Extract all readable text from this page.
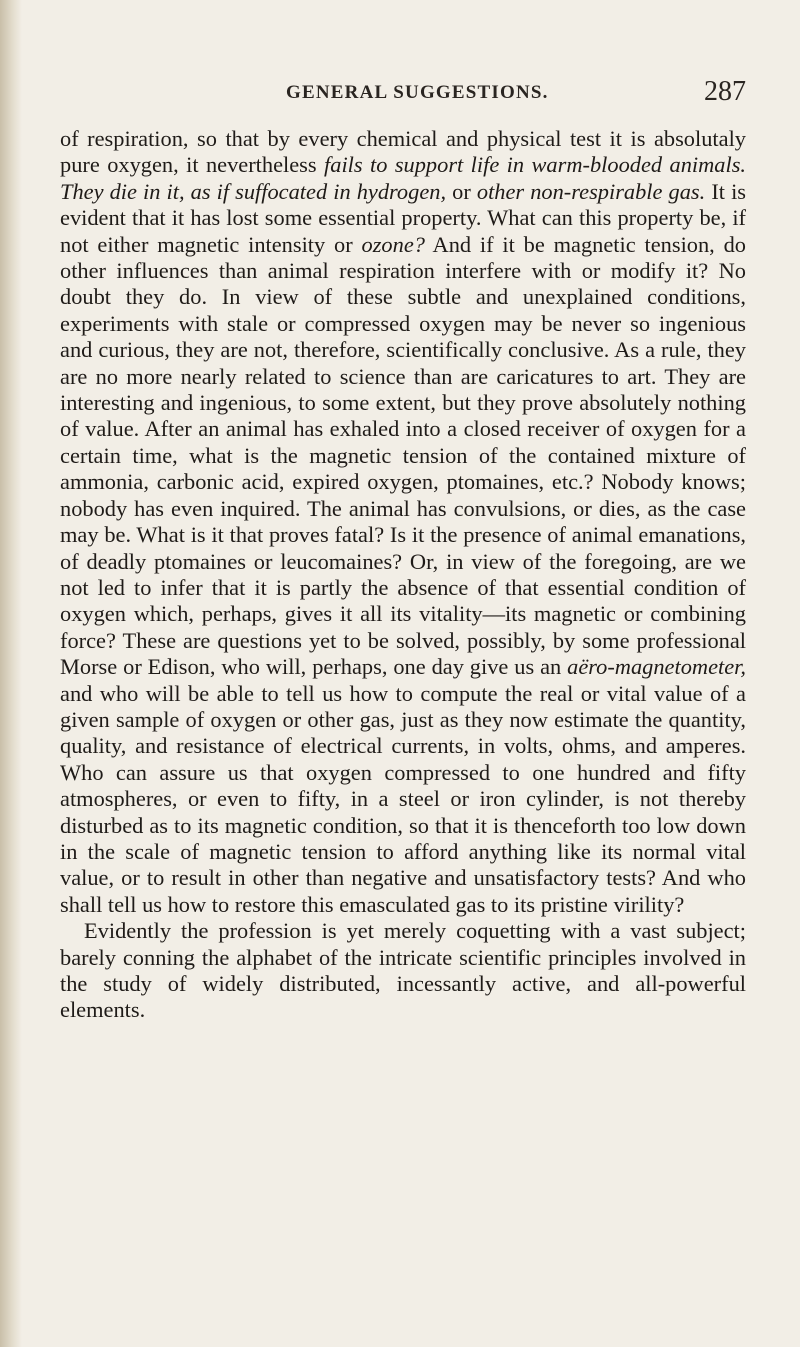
GENERAL SUGGESTIONS.	287

of respiration, so that by every chemical and physical test it is absolutaly pure oxygen, it nevertheless fails to support life in warm-blooded animals. They die in it, as if suffocated in hydrogen, or other non-respirable gas. It is evident that it has lost some essential property. What can this property be, if not either magnetic intensity or ozone? And if it be magnetic tension, do other influences than animal respiration interfere with or modify it? No doubt they do. In view of these subtle and unexplained conditions, experiments with stale or compressed oxygen may be never so ingenious and curious, they are not, therefore, scientifically conclusive. As a rule, they are no more nearly related to science than are caricatures to art. They are interesting and ingenious, to some extent, but they prove absolutely nothing of value. After an animal has exhaled into a closed receiver of oxygen for a certain time, what is the magnetic tension of the contained mixture of ammonia, carbonic acid, expired oxygen, ptomaines, etc.? Nobody knows; nobody has even inquired. The animal has convulsions, or dies, as the case may be. What is it that proves fatal? Is it the presence of animal emanations, of deadly ptomaines or leucomaines? Or, in view of the foregoing, are we not led to infer that it is partly the absence of that essential condition of oxygen which, perhaps, gives it all its vitality—its magnetic or combining force? These are questions yet to be solved, possibly, by some professional Morse or Edison, who will, perhaps, one day give us an aëro-magnetometer, and who will be able to tell us how to compute the real or vital value of a given sample of oxygen or other gas, just as they now estimate the quantity, quality, and resistance of electrical currents, in volts, ohms, and amperes. Who can assure us that oxygen compressed to one hundred and fifty atmospheres, or even to fifty, in a steel or iron cylinder, is not thereby disturbed as to its magnetic condition, so that it is thenceforth too low down in the scale of magnetic tension to afford anything like its normal vital value, or to result in other than negative and unsatisfactory tests? And who shall tell us how to restore this emasculated gas to its pristine virility?

Evidently the profession is yet merely coquetting with a vast subject; barely conning the alphabet of the intricate scientific principles involved in the study of widely distributed, incessantly active, and all-powerful elements.
